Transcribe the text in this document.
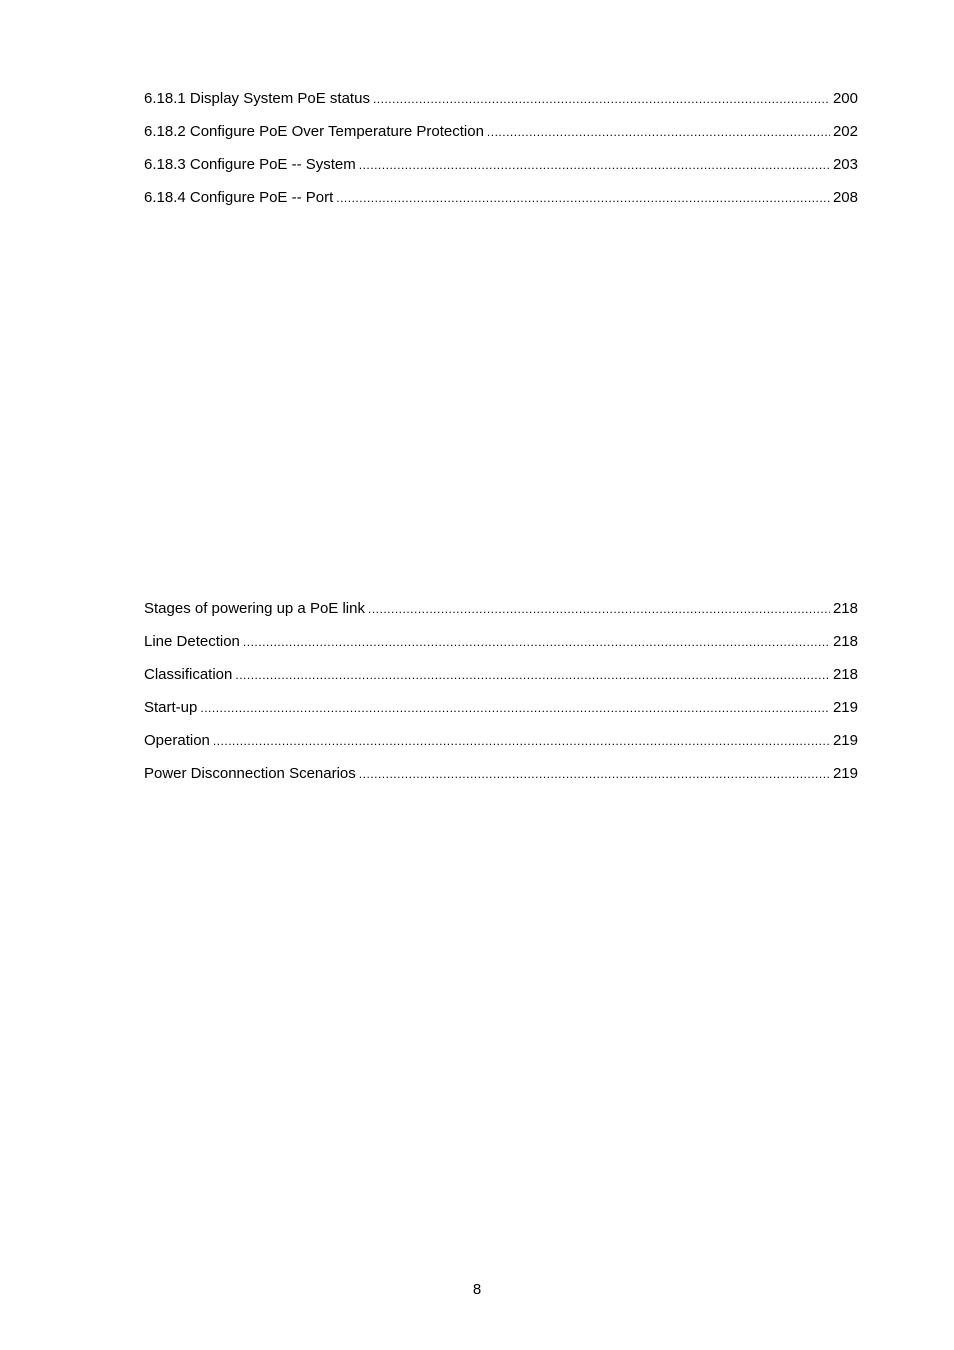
6.18.1 Display System PoE status .....	200
6.18.2 Configure PoE Over Temperature Protection .....	202
6.18.3 Configure PoE -- System .....	203
6.18.4 Configure PoE -- Port .....	208
Stages of powering up a PoE link .....	218
Line Detection .....	218
Classification .....	218
Start-up .....	219
Operation .....	219
Power Disconnection Scenarios .....	219
8
